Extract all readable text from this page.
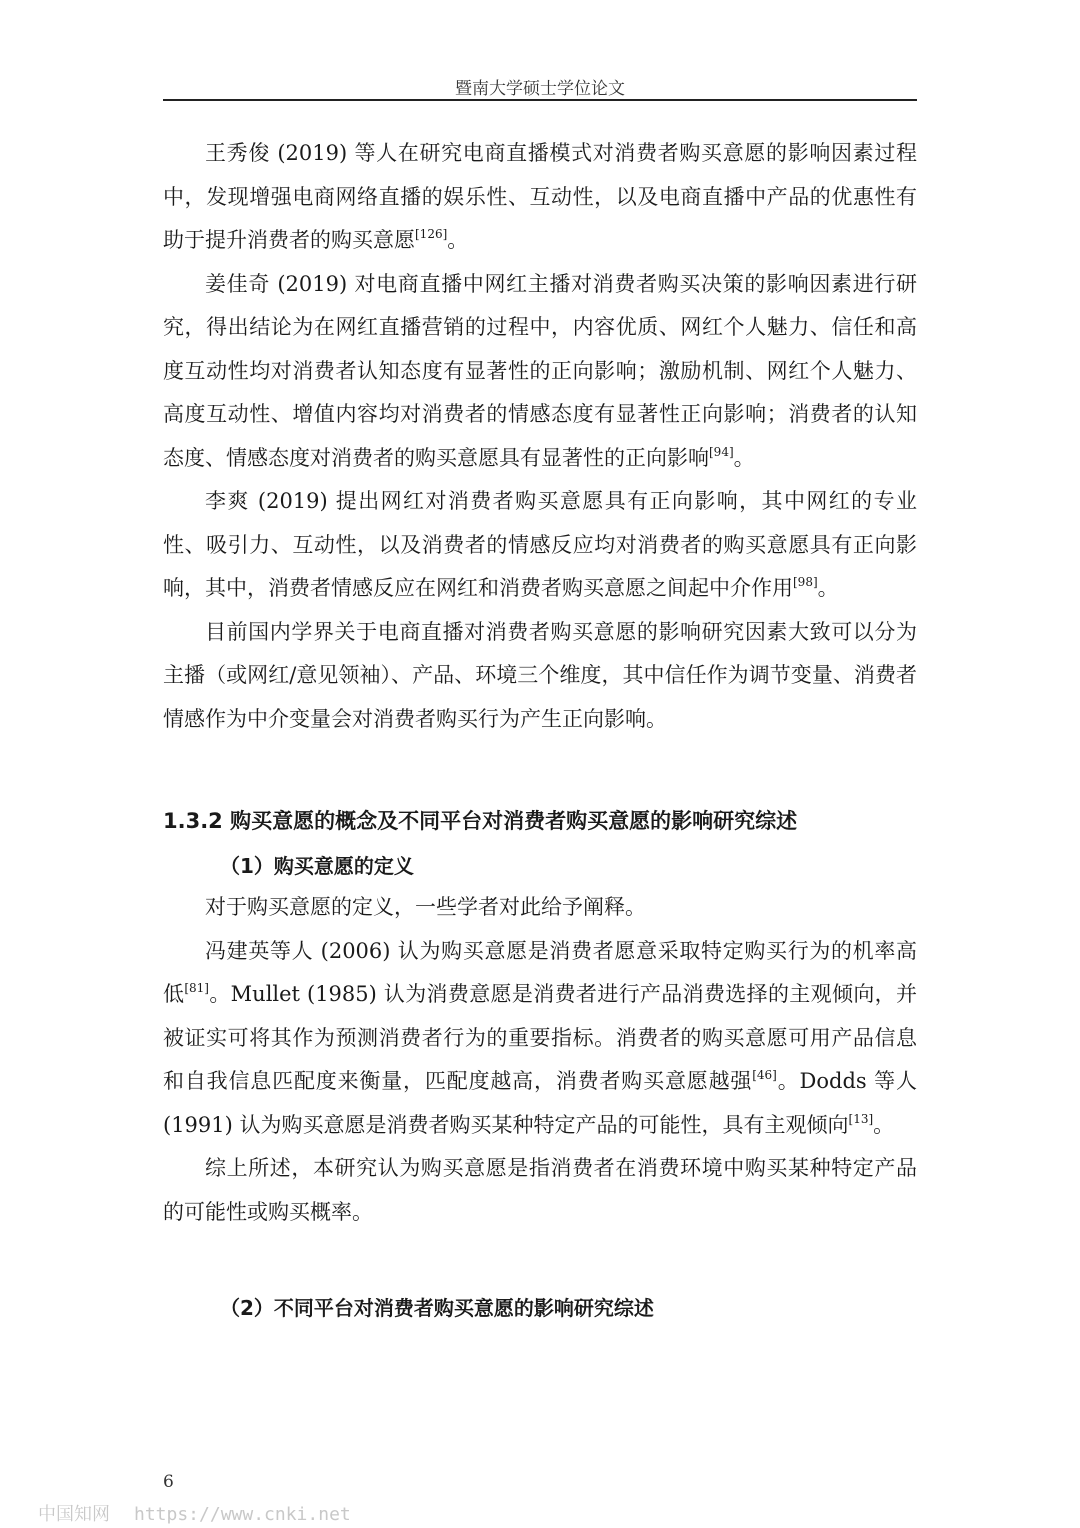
暨南大学硕士学位论文

王秀俊 (2019) 等人在研究电商直播模式对消费者购买意愿的影响因素过程中，发现增强电商网络直播的娱乐性、互动性，以及电商直播中产品的优惠性有助于提升消费者的购买意愿[126]。

姜佳奇 (2019) 对电商直播中网红主播对消费者购买决策的影响因素进行研究，得出结论为在网红直播营销的过程中，内容优质、网红个人魅力、信任和高度互动性均对消费者认知态度有显著性的正向影响；激励机制、网红个人魅力、高度互动性、增值内容均对消费者的情感态度有显著性正向影响；消费者的认知态度、情感态度对消费者的购买意愿具有显著性的正向影响[94]。

李爽 (2019) 提出网红对消费者购买意愿具有正向影响，其中网红的专业性、吸引力、互动性，以及消费者的情感反应均对消费者的购买意愿具有正向影响，其中，消费者情感反应在网红和消费者购买意愿之间起中介作用[98]。

目前国内学界关于电商直播对消费者购买意愿的影响研究因素大致可以分为主播（或网红/意见领袖）、产品、环境三个维度，其中信任作为调节变量、消费者情感作为中介变量会对消费者购买行为产生正向影响。

1.3.2 购买意愿的概念及不同平台对消费者购买意愿的影响研究综述
（1）购买意愿的定义

对于购买意愿的定义，一些学者对此给予阐释。

冯建英等人 (2006) 认为购买意愿是消费者愿意采取特定购买行为的机率高低[81]。Mullet (1985) 认为消费意愿是消费者进行产品消费选择的主观倾向，并被证实可将其作为预测消费者行为的重要指标。消费者的购买意愿可用产品信息和自我信息匹配度来衡量，匹配度越高，消费者购买意愿越强[46]。Dodds 等人 (1991) 认为购买意愿是消费者购买某种特定产品的可能性，具有主观倾向[13]。

综上所述，本研究认为购买意愿是指消费者在消费环境中购买某种特定产品的可能性或购买概率。

（2）不同平台对消费者购买意愿的影响研究综述
6
中国知网 https://www.cnki.net
